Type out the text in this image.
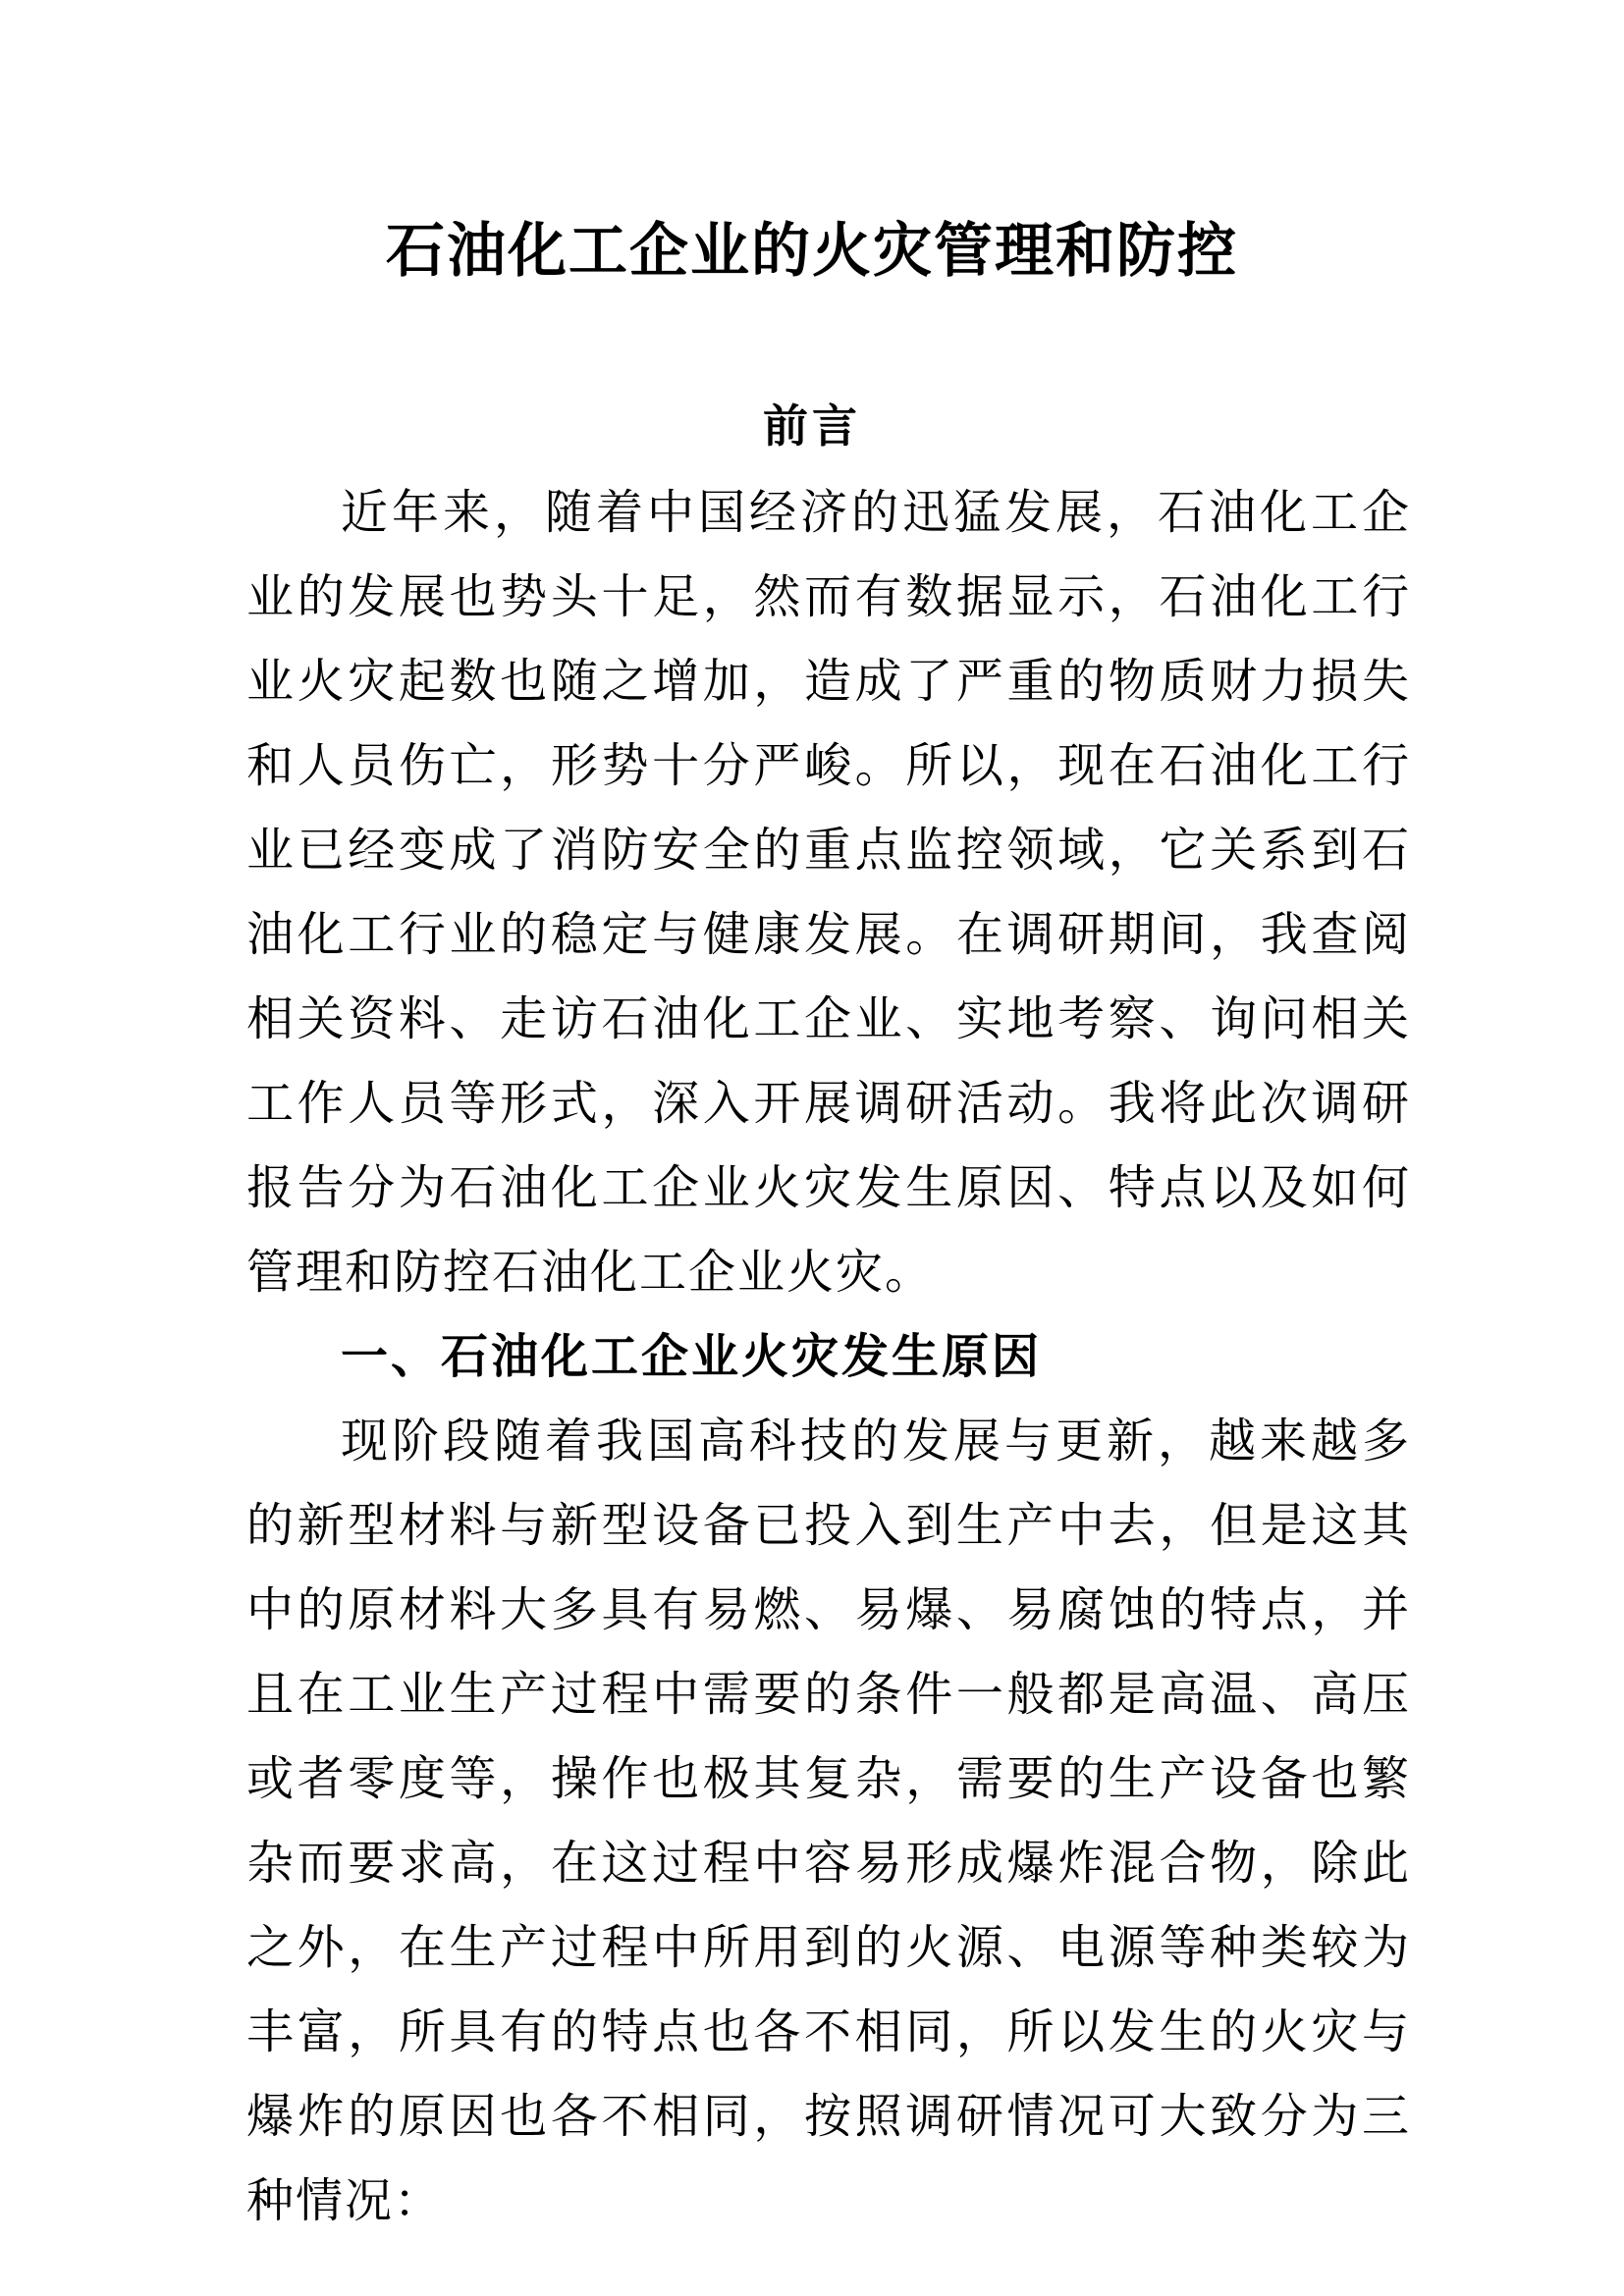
石油化工企业的火灾管理和防控
前言

近年来，随着中国经济的迅猛发展，石油化工企业的发展也势头十足，然而有数据显示，石油化工行业火灾起数也随之增加，造成了严重的物质财力损失和人员伤亡，形势十分严峻。所以，现在石油化工行业已经变成了消防安全的重点监控领域，它关系到石油化工行业的稳定与健康发展。在调研期间，我查阅相关资料、走访石油化工企业、实地考察、询问相关工作人员等形式，深入开展调研活动。我将此次调研报告分为石油化工企业火灾发生原因、特点以及如何管理和防控石油化工企业火灾。

一、石油化工企业火灾发生原因

现阶段随着我国高科技的发展与更新，越来越多的新型材料与新型设备已投入到生产中去，但是这其中的原材料大多具有易燃、易爆、易腐蚀的特点，并且在工业生产过程中需要的条件一般都是高温、高压或者零度等，操作也极其复杂，需要的生产设备也繁杂而要求高，在这过程中容易形成爆炸混合物，除此之外，在生产过程中所用到的火源、电源等种类较为丰富，所具有的特点也各不相同，所以发生的火灾与爆炸的原因也各不相同，按照调研情况可大致分为三种情况：
